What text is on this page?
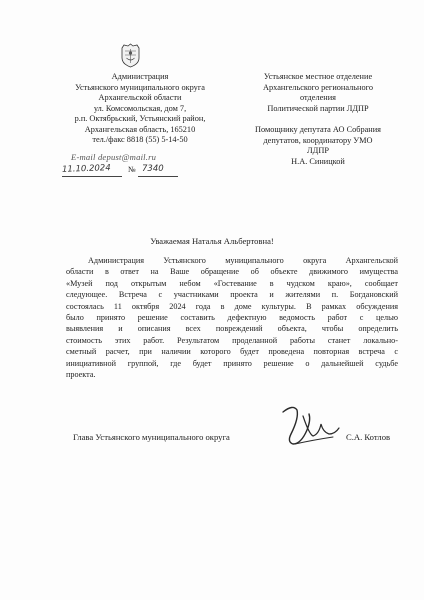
Администрация
Устьянского муниципального округа
Архангельской области
ул. Комсомольская, дом 7,
р.п. Октябрьский, Устьянский район,
Архангельская область, 165210
тел./факс 8818 (55) 5-14-50
E-mail depust@mail.ru
11.10.2024 № 7340
Устьянское местное отделение
Архангельского регионального
отделения
Политической партии ЛДПР
Помощнику депутата АО Собрания
депутатов, координатору УМО
ЛДПР
Н.А. Синицкой
Уважаемая Наталья Альбертовна!
Администрация Устьянского муниципального округа Архангельской
области в ответ на Ваше обращение об объекте движимого имущества
«Музей под открытым небом «Гостевание в чудском краю», сообщает
следующее. Встреча с участниками проекта и жителями п. Богдановский
состоялась 11 октября 2024 года в доме культуры. В рамках обсуждения
было принято решение составить дефектную ведомость работ с целью
выявления и описания всех повреждений объекта, чтобы определить
стоимость этих работ. Результатом проделанной работы станет локально-
сметный расчет, при наличии которого будет проведена повторная встреча с
инициативной группой, где будет принято решение о дальнейшей судьбе
проекта.
Глава Устьянского муниципального округа	С.А. Котлов
